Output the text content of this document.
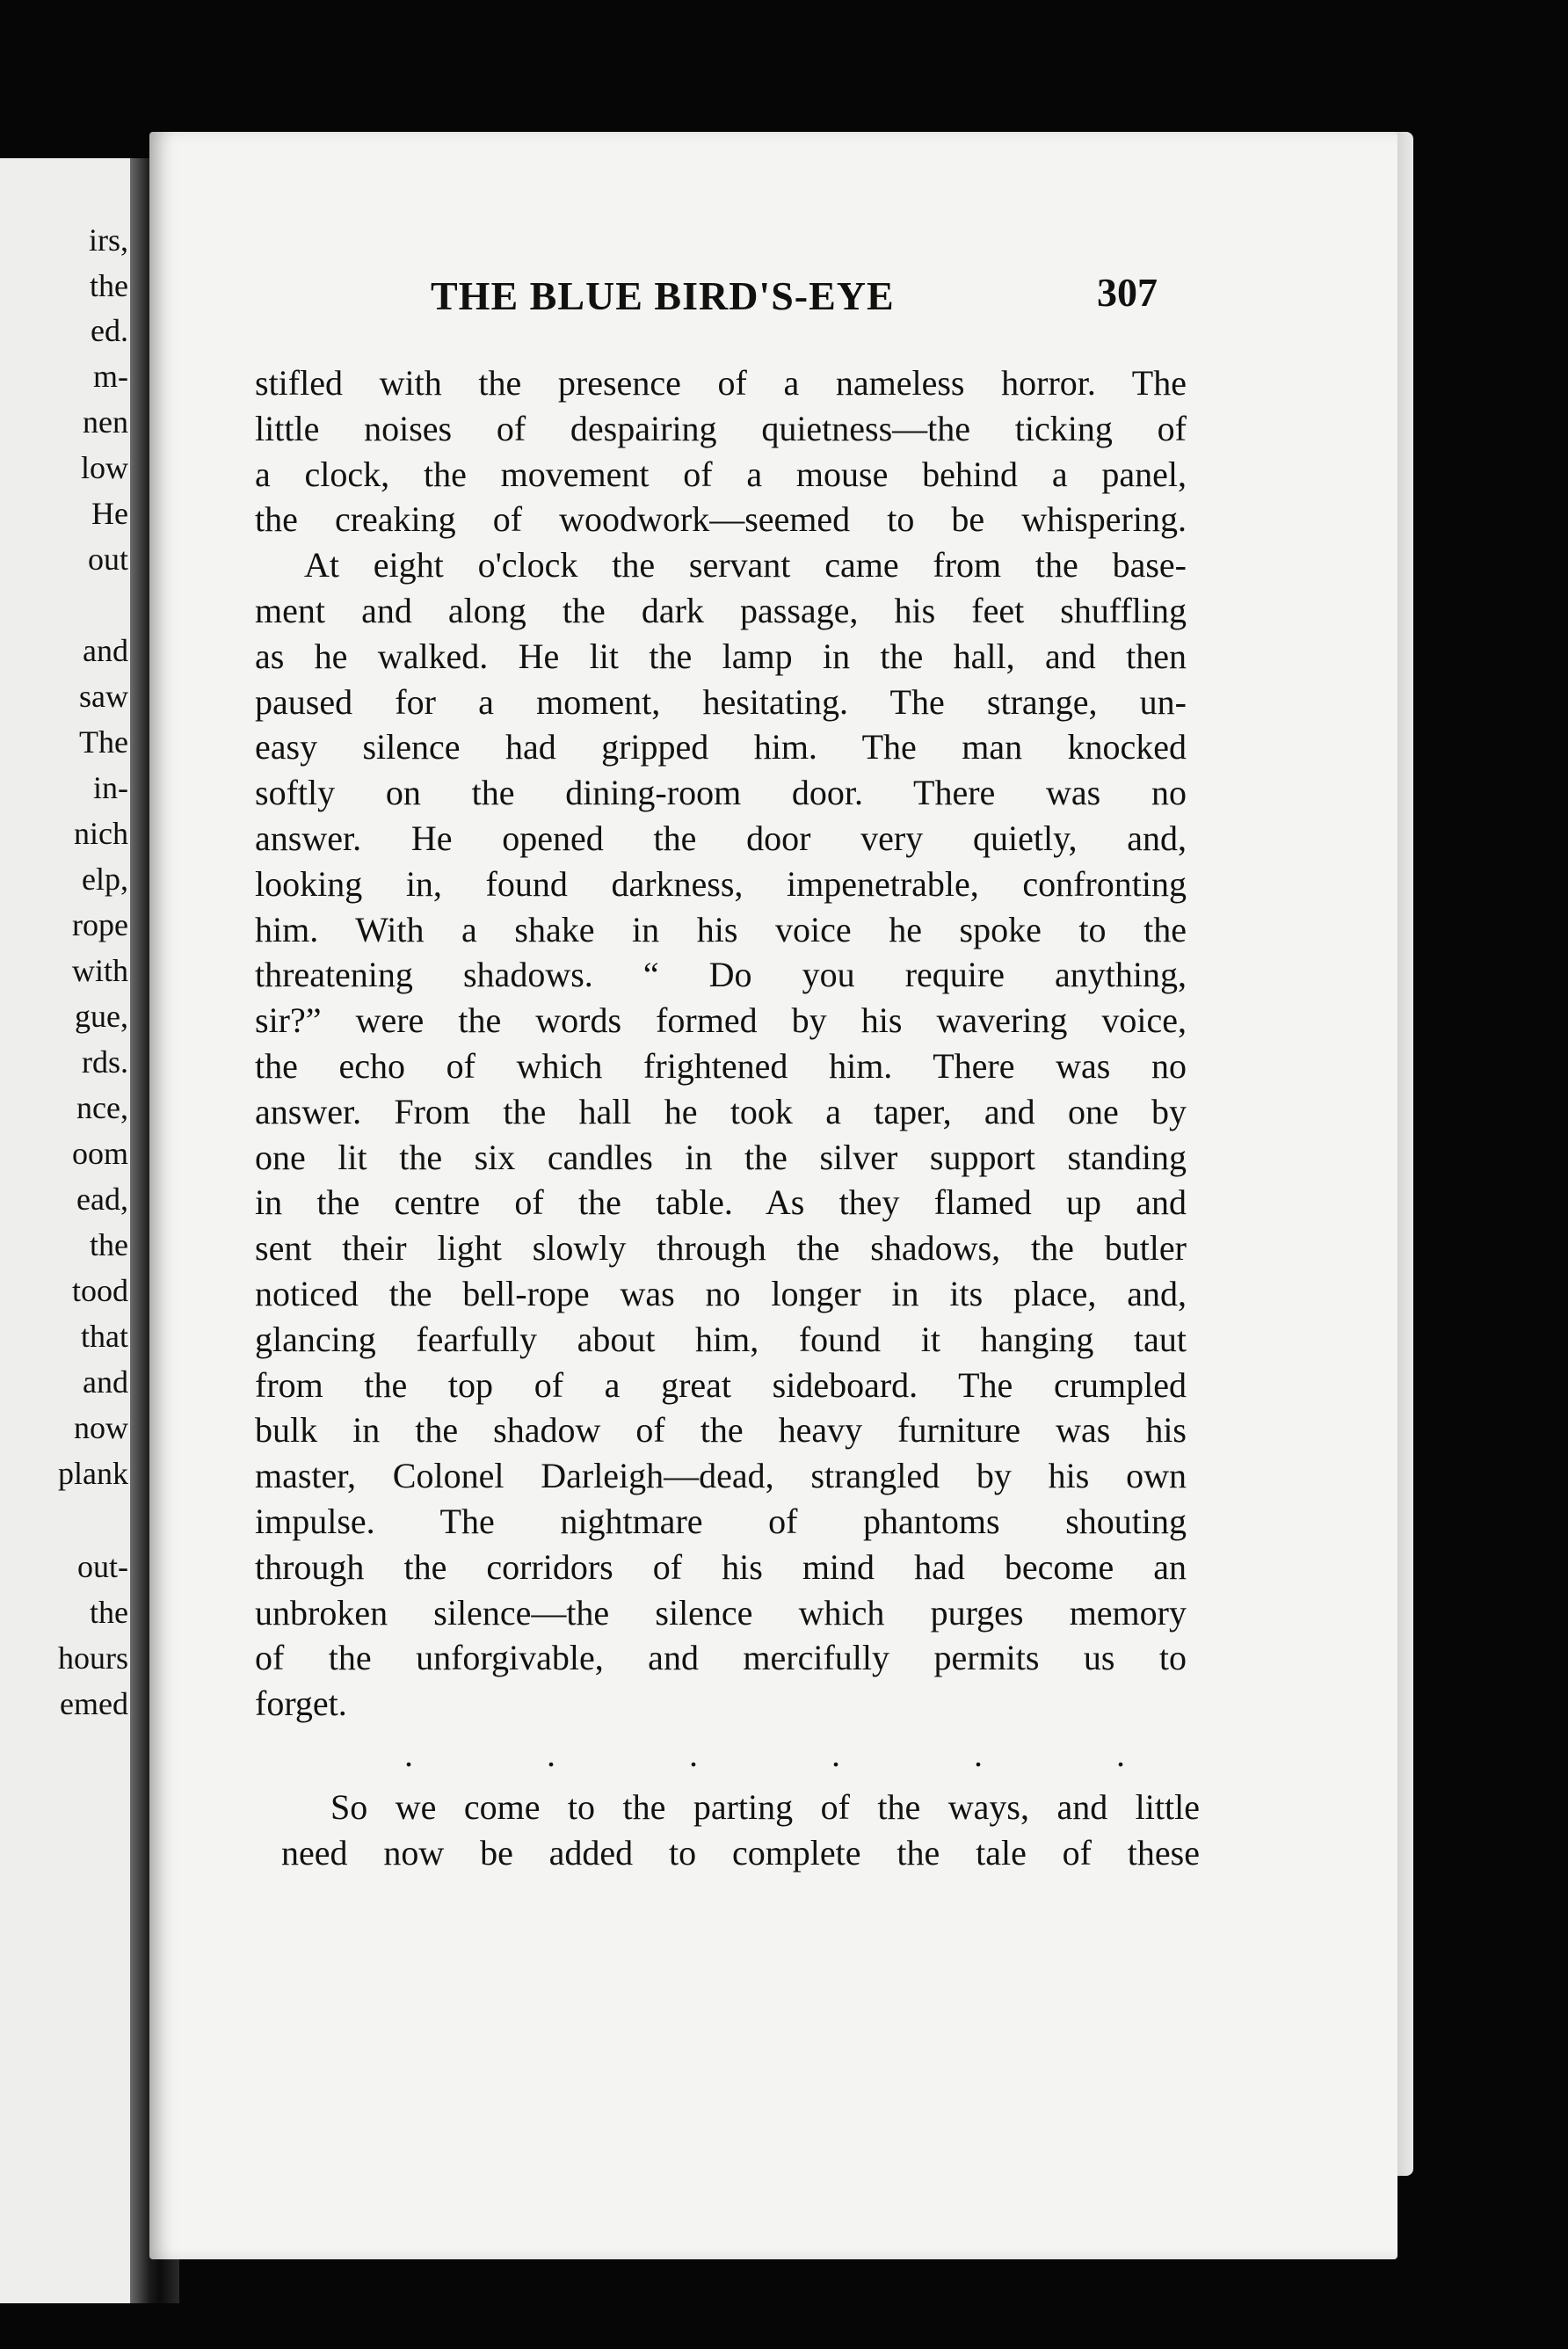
irs,
the
ed.
m-
nen
low
He
out
and
saw
The
in-
nich
elp,
rope
with
gue,
rds.
nce,
oom
ead,
the
tood
that
and
now
plank
out-
the
hours
emed
THE BLUE BIRD'S-EYE	307
stifled with the presence of a nameless horror. The
little noises of despairing quietness—the ticking of
a clock, the movement of a mouse behind a panel,
the creaking of woodwork—seemed to be whispering.
At eight o'clock the servant came from the base-
ment and along the dark passage, his feet shuffling
as he walked. He lit the lamp in the hall, and then
paused for a moment, hesitating. The strange, un-
easy silence had gripped him. The man knocked
softly on the dining-room door. There was no
answer. He opened the door very quietly, and,
looking in, found darkness, impenetrable, confronting
him. With a shake in his voice he spoke to the
threatening shadows. “ Do you require anything,
sir?” were the words formed by his wavering voice,
the echo of which frightened him. There was no
answer. From the hall he took a taper, and one by
one lit the six candles in the silver support standing
in the centre of the table. As they flamed up and
sent their light slowly through the shadows, the butler
noticed the bell-rope was no longer in its place, and,
glancing fearfully about him, found it hanging taut
from the top of a great sideboard. The crumpled
bulk in the shadow of the heavy furniture was his
master, Colonel Darleigh—dead, strangled by his own
impulse. The nightmare of phantoms shouting
through the corridors of his mind had become an
unbroken silence—the silence which purges memory
of the unforgivable, and mercifully permits us to
forget.
.	.	.	.	.	.
So we come to the parting of the ways, and little
need now be added to complete the tale of these
